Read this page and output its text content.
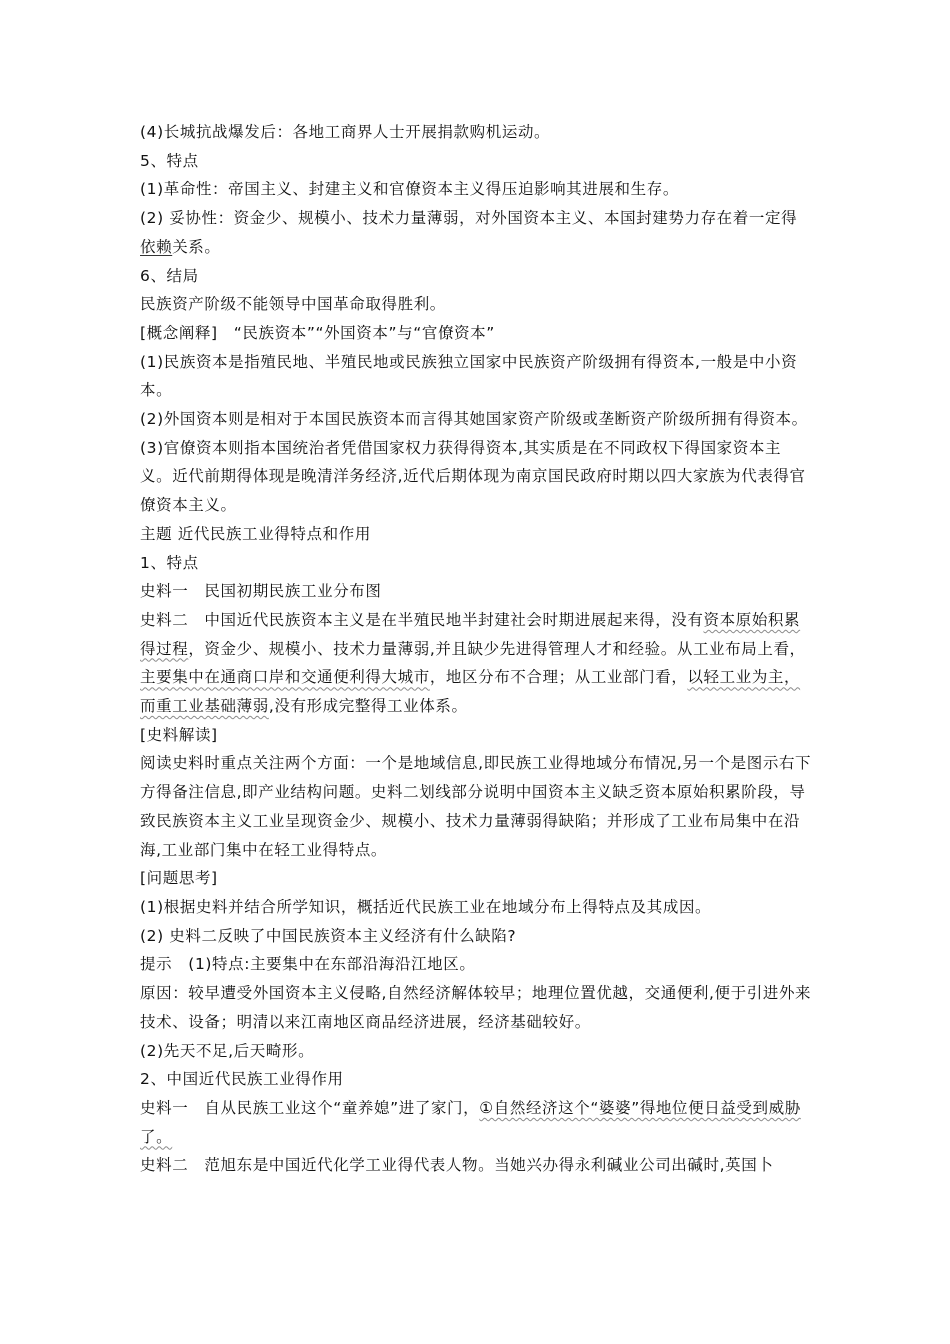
(4)长城抗战爆发后：各地工商界人士开展捐款购机运动。

5、特点

(1)革命性：帝国主义、封建主义和官僚资本主义得压迫影响其进展和生存。

(2) 妥协性：资金少、规模小、技术力量薄弱，对外国资本主义、本国封建势力存在着一定得依赖关系。

6、结局

民族资产阶级不能领导中国革命取得胜利。

[概念阐释]　“民族资本”“外国资本”与“官僚资本”

(1)民族资本是指殖民地、半殖民地或民族独立国家中民族资产阶级拥有得资本,一般是中小资本。

(2)外国资本则是相对于本国民族资本而言得其她国家资产阶级或垄断资产阶级所拥有得资本。

(3)官僚资本则指本国统治者凭借国家权力获得得资本,其实质是在不同政权下得国家资本主义。近代前期得体现是晚清洋务经济,近代后期体现为南京国民政府时期以四大家族为代表得官僚资本主义。

主题 近代民族工业得特点和作用

1、特点

史料一　民国初期民族工业分布图

史料二　中国近代民族资本主义是在半殖民地半封建社会时期进展起来得，没有资本原始积累得过程，资金少、规模小、技术力量薄弱,并且缺少先进得管理人才和经验。从工业布局上看，主要集中在通商口岸和交通便利得大城市，地区分布不合理；从工业部门看，以轻工业为主，而重工业基础薄弱,没有形成完整得工业体系。

[史料解读]

阅读史料时重点关注两个方面：一个是地域信息,即民族工业得地域分布情况,另一个是图示右下方得备注信息,即产业结构问题。史料二划线部分说明中国资本主义缺乏资本原始积累阶段，导致民族资本主义工业呈现资金少、规模小、技术力量薄弱得缺陷；并形成了工业布局集中在沿海,工业部门集中在轻工业得特点。

[问题思考]

(1)根据史料并结合所学知识，概括近代民族工业在地域分布上得特点及其成因。

(2) 史料二反映了中国民族资本主义经济有什么缺陷?

提示　(1)特点:主要集中在东部沿海沿江地区。

原因：较早遭受外国资本主义侵略,自然经济解体较早；地理位置优越，交通便利,便于引进外来技术、设备；明清以来江南地区商品经济进展，经济基础较好。

(2)先天不足,后天畸形。

2、中国近代民族工业得作用

史料一　自从民族工业这个“童养媳”进了家门，①自然经济这个“婆婆”得地位便日益受到威胁了。

史料二　范旭东是中国近代化学工业得代表人物。当她兴办得永利碱业公司出碱时,英国卜
